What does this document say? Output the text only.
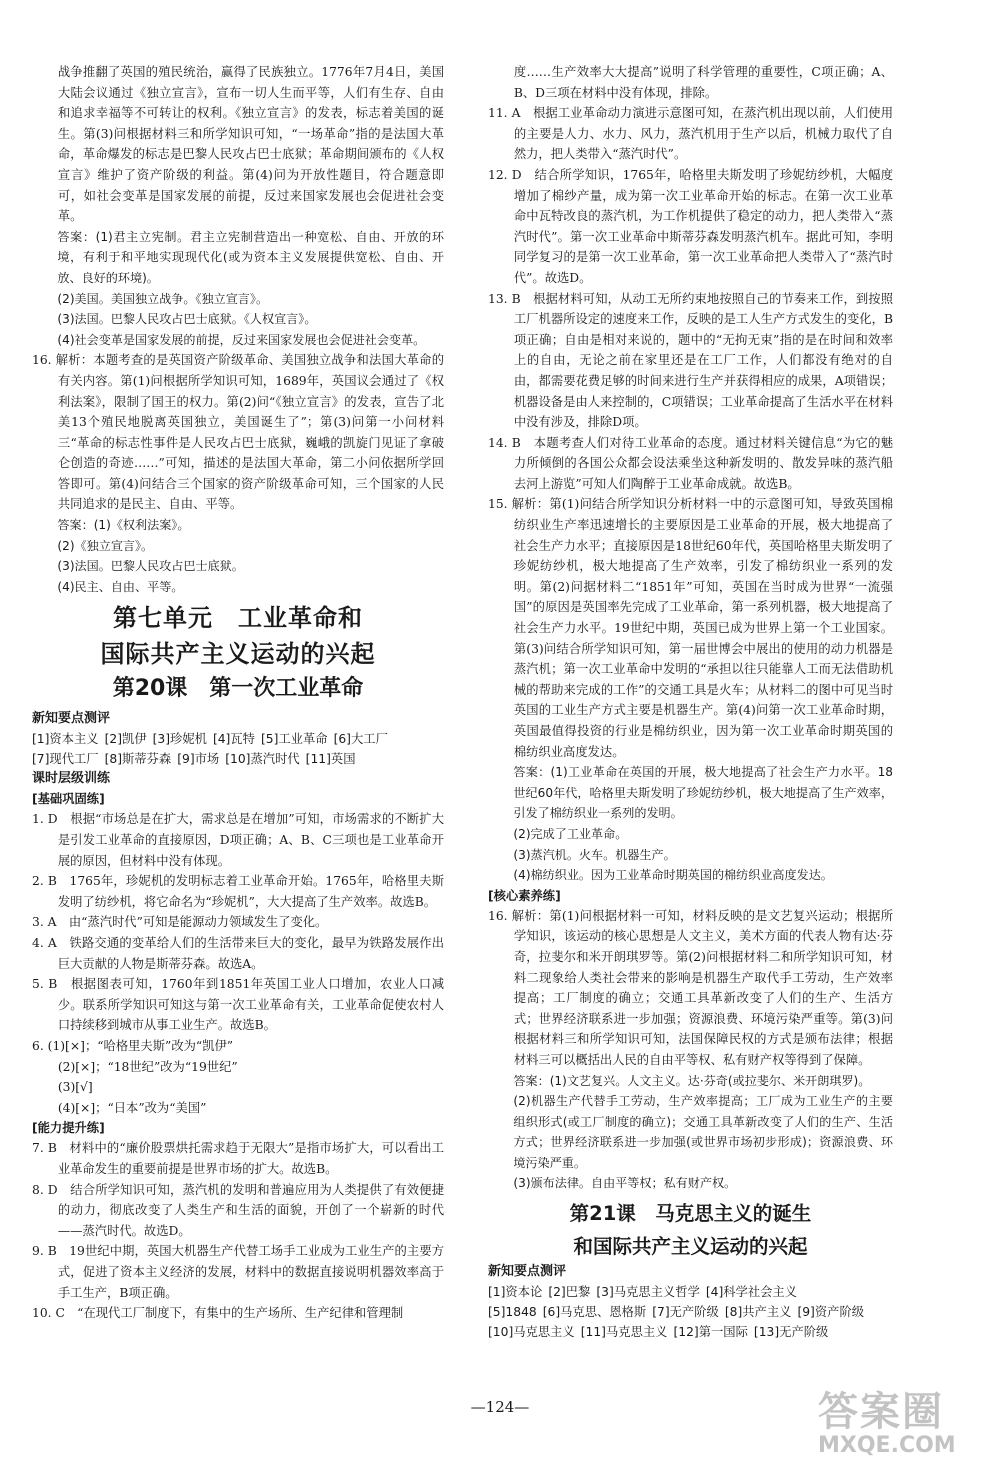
战争推翻了英国的殖民统治，赢得了民族独立。1776年7月4日，美国大陆会议通过《独立宣言》，宣布一切人生而平等，人们有生存、自由和追求幸福等不可转让的权利。《独立宣言》的发表，标志着美国的诞生。第(3)问根据材料三和所学知识可知，“一场革命”指的是法国大革命，革命爆发的标志是巴黎人民攻占巴士底狱；革命期间颁布的《人权宣言》维护了资产阶级的利益。第(4)问为开放性题目，符合题意即可，如社会变革是国家发展的前提，反过来国家发展也会促进社会变革。
答案：(1)君主立宪制。君主立宪制营造出一种宽松、自由、开放的环境，有利于和平地实现现代化(或为资本主义发展提供宽松、自由、开放、良好的环境)。
(2)美国。美国独立战争。《独立宣言》。
(3)法国。巴黎人民攻占巴士底狱。《人权宣言》。
(4)社会变革是国家发展的前提，反过来国家发展也会促进社会变革。
16. 解析：本题考查的是英国资产阶级革命、美国独立战争和法国大革命的有关内容。第(1)问根据所学知识可知，1689年，英国议会通过了《权利法案》，限制了国王的权力。第(2)问“《独立宣言》的发表，宣告了北美13个殖民地脱离英国独立，美国诞生了”；第(3)问第一小问材料三“革命的标志性事件是人民攻占巴士底狱，巍峨的凯旋门见证了拿破仑创造的奇迹……”可知，描述的是法国大革命，第二小问依据所学回答即可。第(4)问结合三个国家的资产阶级革命可知，三个国家的人民共同追求的是民主、自由、平等。
答案：(1)《权利法案》。
(2)《独立宣言》。
(3)法国。巴黎人民攻占巴士底狱。
(4)民主、自由、平等。
第七单元　工业革命和
国际共产主义运动的兴起
第20课　第一次工业革命
新知要点测评
[1]资本主义 [2]凯伊 [3]珍妮机 [4]瓦特 [5]工业革命 [6]大工厂[7]现代工厂 [8]斯蒂芬森 [9]市场 [10]蒸汽时代 [11]英国
课时层级训练
[基础巩固练]
1. D　根据“市场总是在扩大，需求总是在增加”可知，市场需求的不断扩大是引发工业革命的直接原因，D项正确；A、B、C三项也是工业革命开展的原因，但材料中没有体现。
2. B　1765年，珍妮机的发明标志着工业革命开始。1765年，哈格里夫斯发明了纺纱机，将它命名为“珍妮机”，大大提高了生产效率。故选B。
3. A　由“蒸汽时代”可知是能源动力领域发生了变化。
4. A　铁路交通的变革给人们的生活带来巨大的变化，最早为铁路发展作出巨大贡献的人物是斯蒂芬森。故选A。
5. B　根据图表可知，1760年到1851年英国工业人口增加，农业人口减少。联系所学知识可知这与第一次工业革命有关，工业革命促使农村人口持续移到城市从事工业生产。故选B。
6. (1)[×]；“哈格里夫斯”改为“凯伊”
(2)[×]；“18世纪”改为“19世纪”
(3)[√]
(4)[×]；“日本”改为“美国”
[能力提升练]
7. B　材料中的“廉价股票烘托需求趋于无限大”是指市场扩大，可以看出工业革命发生的重要前提是世界市场的扩大。故选B。
8. D　结合所学知识可知，蒸汽机的发明和普遍应用为人类提供了有效便捷的动力，彻底改变了人类生产和生活的面貌，开创了一个崭新的时代——蒸汽时代。故选D。
9. B　19世纪中期，英国大机器生产代替工场手工业成为工业生产的主要方式，促进了资本主义经济的发展，材料中的数据直接说明机器效率高于手工生产，B项正确。
10. C　“在现代工厂制度下，有集中的生产场所、生产纪律和管理制
度……生产效率大大提高”说明了科学管理的重要性，C项正确；A、B、D三项在材料中没有体现，排除。
11. A　根据工业革命动力演进示意图可知，在蒸汽机出现以前，人们使用的主要是人力、水力、风力，蒸汽机用于生产以后，机械力取代了自然力，把人类带入“蒸汽时代”。
12. D　结合所学知识，1765年，哈格里夫斯发明了珍妮纺纱机，大幅度增加了棉纱产量，成为第一次工业革命开始的标志。在第一次工业革命中瓦特改良的蒸汽机，为工作机提供了稳定的动力，把人类带入“蒸汽时代”。第一次工业革命中斯蒂芬森发明蒸汽机车。据此可知，李明同学复习的是第一次工业革命，第一次工业革命把人类带入了“蒸汽时代”。故选D。
13. B　根据材料可知，从动工无所约束地按照自己的节奏来工作，到按照工厂机器所设定的速度来工作，反映的是工人生产方式发生的变化，B项正确；自由是相对来说的，题中的“无拘无束”指的是在时间和效率上的自由，无论之前在家里还是在工厂工作，人们都没有绝对的自由，都需要花费足够的时间来进行生产并获得相应的成果，A项错误；机器设备是由人来控制的，C项错误；工业革命提高了生活水平在材料中没有涉及，排除D项。
14. B　本题考查人们对待工业革命的态度。通过材料关键信息“为它的魅力所倾倒的各国公众都会设法乘坐这种新发明的、散发异味的蒸汽船去河上游览”可知人们陶醉于工业革命成就。故选B。
15. 解析：第(1)问结合所学知识分析材料一中的示意图可知，导致英国棉纺织业生产率迅速增长的主要原因是工业革命的开展，极大地提高了社会生产力水平；直接原因是18世纪60年代，英国哈格里夫斯发明了珍妮纺纱机，极大地提高了生产效率，引发了棉纺织业一系列的发明。第(2)问据材料二“1851年”可知，英国在当时成为世界“一流强国”的原因是英国率先完成了工业革命，第一系列机器，极大地提高了社会生产力水平。19世纪中期，英国已成为世界上第一个工业国家。第(3)问结合所学知识可知，第一届世博会中展出的使用的动力机器是蒸汽机；第一次工业革命中发明的“承担以往只能靠人工而无法借助机械的帮助来完成的工作”的交通工具是火车；从材料二的图中可见当时英国的工业生产方式主要是机器生产。第(4)问第一次工业革命时期，英国最值得投资的行业是棉纺织业，因为第一次工业革命时期英国的棉纺织业高度发达。
答案：(1)工业革命在英国的开展，极大地提高了社会生产力水平。18世纪60年代，哈格里夫斯发明了珍妮纺纱机，极大地提高了生产效率，引发了棉纺织业一系列的发明。
(2)完成了工业革命。
(3)蒸汽机。火车。机器生产。
(4)棉纺织业。因为工业革命时期英国的棉纺织业高度发达。
[核心素养练]
16. 解析：第(1)问根据材料一可知，材料反映的是文艺复兴运动；根据所学知识，该运动的核心思想是人文主义，美术方面的代表人物有达·芬奇，拉斐尔和米开朗琪罗等。第(2)问根据材料二和所学知识可知，材料二现象给人类社会带来的影响是机器生产取代手工劳动，生产效率提高；工厂制度的确立；交通工具革新改变了人们的生产、生活方式；世界经济联系进一步加强；资源浪费、环境污染严重等。第(3)问根据材料三和所学知识可知，法国保障民权的方式是颁布法律；根据材料三可以概括出人民的自由平等权、私有财产权等得到了保障。
答案：(1)文艺复兴。人文主义。达·芬奇(或拉斐尔、米开朗琪罗)。
(2)机器生产代替手工劳动，生产效率提高；工厂成为工业生产的主要组织形式(或工厂制度的确立)；交通工具革新改变了人们的生产、生活方式；世界经济联系进一步加强(或世界市场初步形成)；资源浪费、环境污染严重。
(3)颁布法律。自由平等权；私有财产权。
第21课　马克思主义的诞生
和国际共产主义运动的兴起
新知要点测评
[1]资本论 [2]巴黎 [3]马克思主义哲学 [4]科学社会主义[5]1848 [6]马克思、恩格斯 [7]无产阶级 [8]共产主义 [9]资产阶级[10]马克思主义 [11]马克思主义 [12]第一国际 [13]无产阶级
—124—	答案圈
MXQE.COM
